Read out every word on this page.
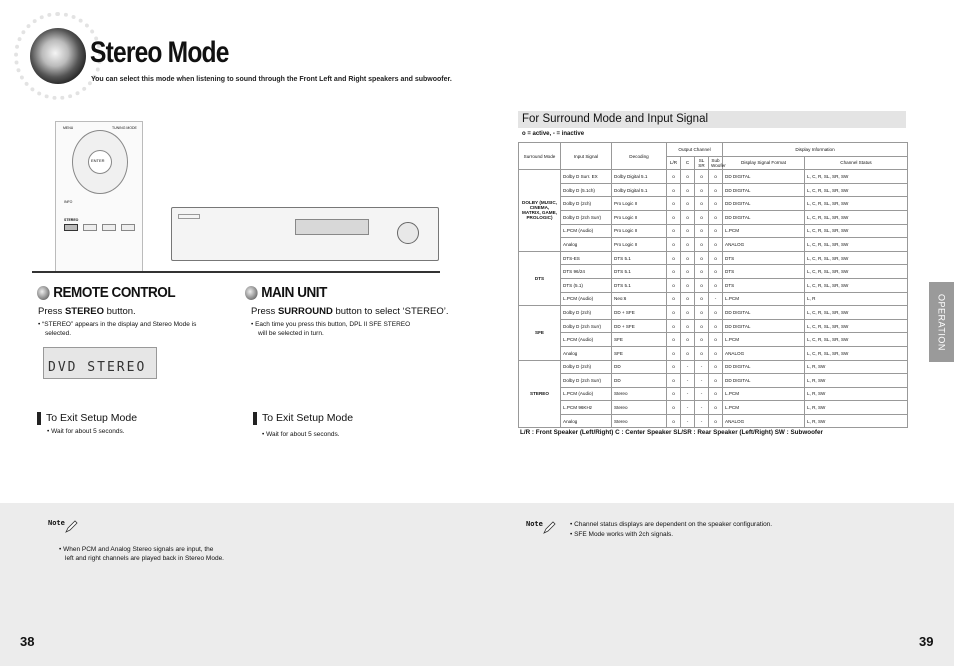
Stereo Mode
You can select this mode when listening to sound through the Front Left and Right speakers and subwoofer.
MENU	TUNING MODE
ENTER
INFO
STEREO
REMOTE CONTROL
Press STEREO button.
• “STEREO” appears in the display and Stereo Mode is
selected.
DVD STEREO
To Exit Setup Mode
• Wait for about 5 seconds.
MAIN UNIT
Press SURROUND button to select ‘STEREO’.
• Each time you press this button, DPL II SFE STEREO
will be selected in turn.
To Exit Setup Mode
• Wait for about 5 seconds.
For Surround Mode and Input Signal
o = active, - = inactive
Surround Mode	Input Signal	Decoding	Output Channel				Display Information	
			L/R	C	SL SR	Sub Woofer	Display Signal Format	Channel Status
DOLBY (MUSIC, CINEMA, MATRIX, GAME, PROLOGIC)	Dolby D Surr. EX	Dolby Digital 5.1	o	o	o	o	DD DIGITAL	L, C, R, SL, SR, SW
	Dolby D (5.1ch)	Dolby Digital 5.1	o	o	o	o	DD DIGITAL	L, C, R, SL, SR, SW
	Dolby D (2ch)	Pro Logic II	o	o	o	o	DD DIGITAL	L, C, R, SL, SR, SW
	Dolby D (2ch Surr)	Pro Logic II	o	o	o	o	DD DIGITAL	L, C, R, SL, SR, SW
	L.PCM (Audio)	Pro Logic II	o	o	o	o	L.PCM	L, C, R, SL, SR, SW
	Analog	Pro Logic II	o	o	o	o	ANALOG	L, C, R, SL, SR, SW
DTS	DTS-ES	DTS 5.1	o	o	o	o	DTS	L, C, R, SL, SR, SW
	DTS 96/24	DTS 5.1	o	o	o	o	DTS	L, C, R, SL, SR, SW
	DTS (5.1)	DTS 5.1	o	o	o	o	DTS	L, C, R, SL, SR, SW
	L.PCM (Audio)	Neo:6	o	o	o	-	L.PCM	L, R
SFE	Dolby D (2ch)	DD + SFE	o	o	o	o	DD DIGITAL	L, C, R, SL, SR, SW
	Dolby D (2ch Surr)	DD + SFE	o	o	o	o	DD DIGITAL	L, C, R, SL, SR, SW
	L.PCM (Audio)	SFE	o	o	o	o	L.PCM	L, C, R, SL, SR, SW
	Analog	SFE	o	o	o	o	ANALOG	L, C, R, SL, SR, SW
STEREO	Dolby D (2ch)	DD	o	-	-	o	DD DIGITAL	L, R, SW
	Dolby D (2ch Surr)	DD	o	-	-	o	DD DIGITAL	L, R, SW
	L.PCM (Audio)	Stereo	o	-	-	o	L.PCM	L, R, SW
	L.PCM 96KHz	Stereo	o	-	-	o	L.PCM	L, R, SW
	Analog	Stereo	o	-	-	o	ANALOG	L, R, SW
L/R : Front Speaker (Left/Right) C : Center Speaker SL/SR : Rear Speaker (Left/Right) SW : Subwoofer
OPERATION
Note
• When PCM and Analog Stereo signals are input, the
left and right channels are played back in Stereo Mode.
Note	• Channel status displays are dependent on the speaker configuration.
• SFE Mode works with 2ch signals.
38	39
